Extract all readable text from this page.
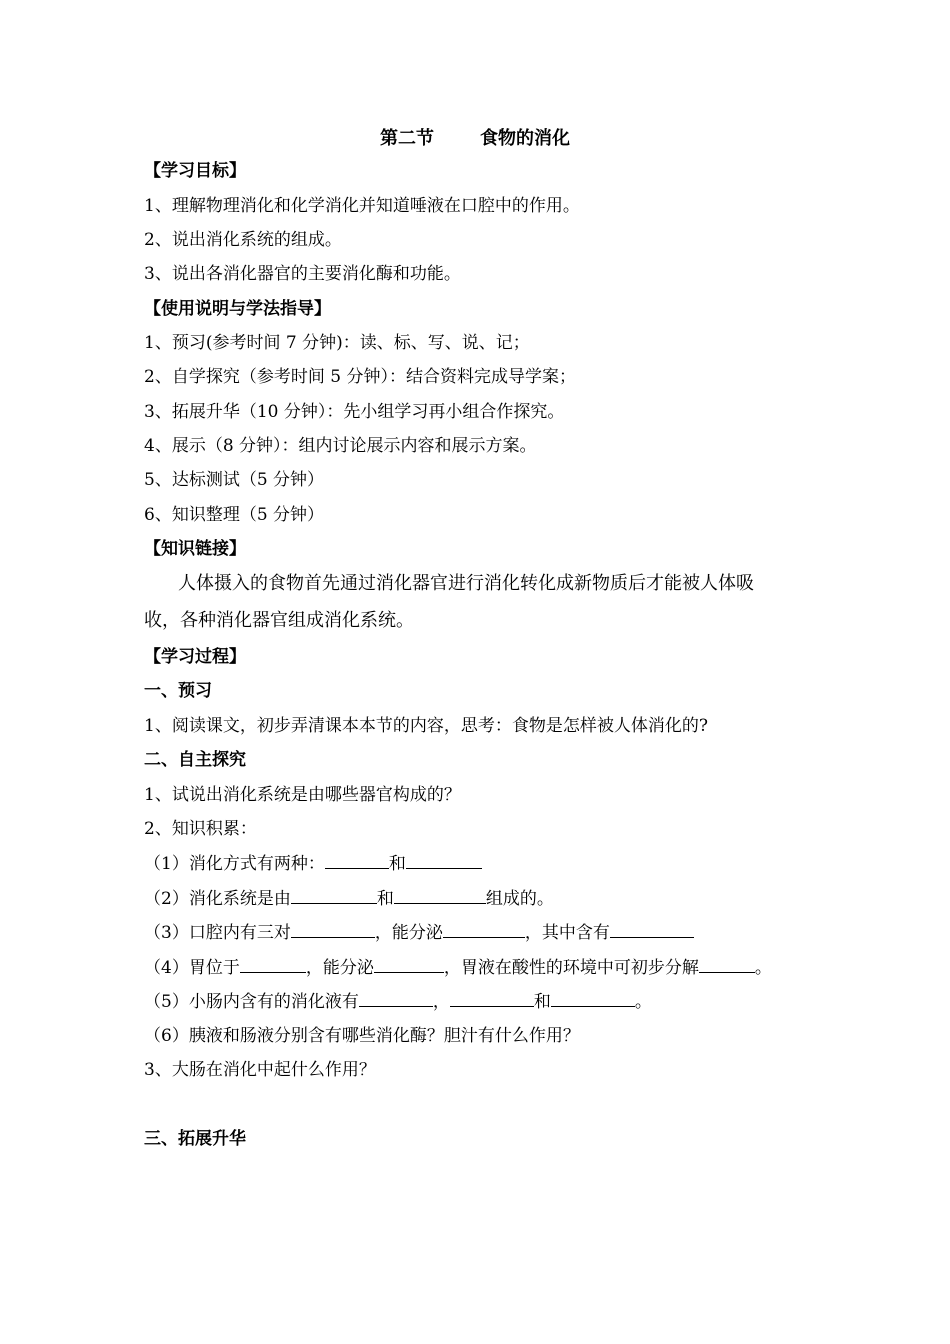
第二节	食物的消化
【学习目标】
1、理解物理消化和化学消化并知道唾液在口腔中的作用。
2、说出消化系统的组成。
3、说出各消化器官的主要消化酶和功能。
【使用说明与学法指导】
1、预习(参考时间 7 分钟)：读、标、写、说、记；
2、自学探究（参考时间 5 分钟）：结合资料完成导学案；
3、拓展升华（10 分钟）：先小组学习再小组合作探究。
4、展示（8 分钟）：组内讨论展示内容和展示方案。
5、达标测试（5 分钟）
6、知识整理（5 分钟）
【知识链接】
人体摄入的食物首先通过消化器官进行消化转化成新物质后才能被人体吸
收，各种消化器官组成消化系统。
【学习过程】
一、预习
1、阅读课文，初步弄清课本本节的内容，思考：食物是怎样被人体消化的?
二、自主探究
1、试说出消化系统是由哪些器官构成的？
2、知识积累：
（1）消化方式有两种：	和
（2）消化系统是由	和	组成的。
（3）口腔内有三对	，能分泌	，其中含有
（4）胃位于	，能分泌	，胃液在酸性的环境中可初步分解	。
（5）小肠内含有的消化液有	，	和	。
（6）胰液和肠液分别含有哪些消化酶？胆汁有什么作用？
3、大肠在消化中起什么作用？
三、拓展升华
